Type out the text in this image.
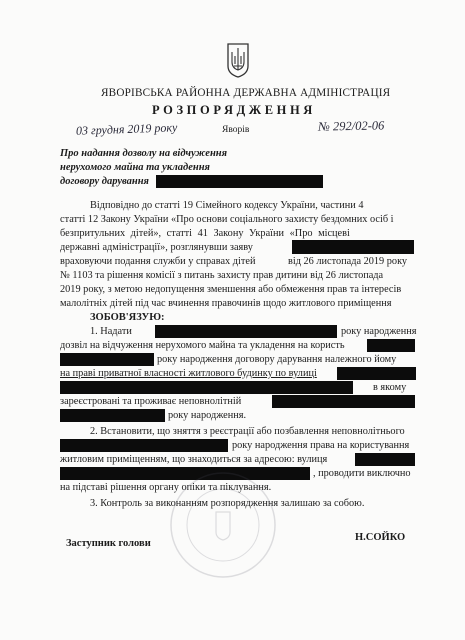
ЯВОРІВСЬКА РАЙОННА ДЕРЖАВНА АДМІНІСТРАЦІЯ
РОЗПОРЯДЖЕННЯ
03 грудня 2019 року	Яворів	№ 292/02-06
Про надання дозволу на відчуження
нерухомого майна та укладення
договору дарування
Відповідно до статті 19 Сімейного кодексу України, частини 4
статті 12 Закону України «Про основи соціального захисту бездомних осіб і
безпритульних дітей», статті 41 Закону України «Про місцеві
державні адміністрації», розглянувши заяву
враховуючи подання служби у справах дітей	від 26 листопада 2019 року
№ 1103 та рішення комісії з питань захисту прав дитини від 26 листопада
2019 року, з метою недопущення зменшення або обмеження прав та інтересів
малолітніх дітей під час вчинення правочинів щодо житлового приміщення
ЗОБОВ'ЯЗУЮ:
1. Надати	року народження
дозвіл на відчуження нерухомого майна та укладення на користь
року народження договору дарування належного йому
на праві приватної власності житлового будинку по вулиці
в якому
зареєстровані та проживає неповнолітній
року народження.
2. Встановити, що зняття з реєстрації або позбавлення неповнолітнього
року народження права на користування
житловим приміщенням, що знаходиться за адресою: вулиця
, проводити виключно
на підставі рішення органу опіки та піклування.
3. Контроль за виконанням розпорядження залишаю за собою.
Заступник голови
Н.СОЙКО
